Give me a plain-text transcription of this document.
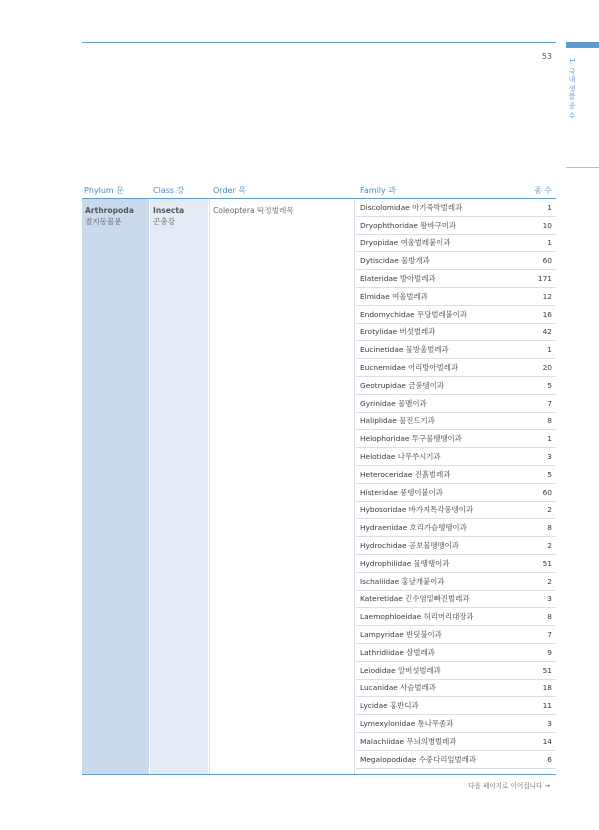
53
1. 국내 생물 종 수
Phylum 문	Class 강	Order 목	Family 과	종 수
Arthropoda
절지동물문
Insecta
곤충강
Coleoptera 딱정벌레목	Discolomidae 아기죽박벌레과	1
Dryophthoridae 왕바구미과	10
Dryopidae 여울벌레붙이과	1
Dytiscidae 물방개과	60
Elateridae 방아벌레과	171
Elmidae 여울벌레과	12
Endomychidae 무당벌레붙이과	16
Erotylidae 버섯벌레과	42
Eucinetidae 물방울벌레과	1
Eucnemidae 어리방아벌레과	20
Geotrupidae 금풍뎅이과	5
Gyrinidae 물맴이과	7
Haliplidae 물진드기과	8
Helophoridae 투구물땡땡이과	1
Helotidae 나무쑤시기과	3
Heteroceridae 진흙벌레과	5
Histeridae 풍뎅이붙이과	60
Hybosoridae 바가지톡각풍뎅이과	2
Hydraenidae 호리가슴땡땡이과	8
Hydrochidae 곰보물땡땡이과	2
Hydrophilidae 물땡땡이과	51
Ischaliidae 홍날개붙이과	2
Kateretidae 긴수염밑빠진벌레과	3
Laemophloeidae 허리머리대장과	8
Lampyridae 반딧불이과	7
Lathridiidae 삼벌레과	9
Leiodidae 알버섯벌레과	51
Lucanidae 사슴벌레과	18
Lycidae 홍반디과	11
Lymexylonidae 통나무좀과	3
Malachiidae 무늬의병벌레과	14
Megalopodidae 수중다리잎벌레과	6
다음 페이지로 이어집니다 →
